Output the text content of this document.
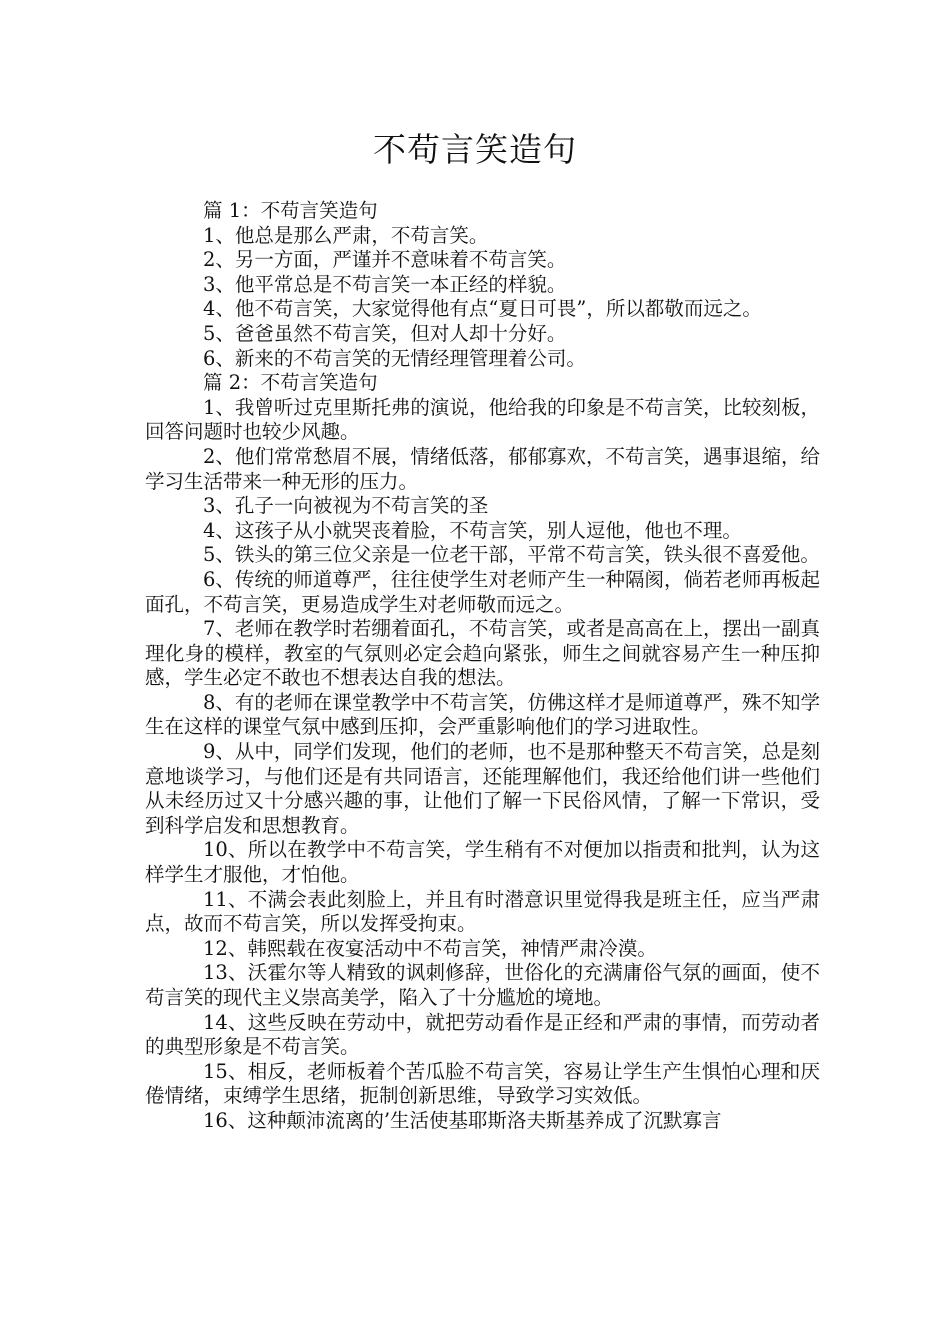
不苟言笑造句

篇 1：不苟言笑造句

1、他总是那么严肃，不苟言笑。

2、另一方面，严谨并不意味着不苟言笑。

3、他平常总是不苟言笑一本正经的样貌。

4、他不苟言笑，大家觉得他有点“夏日可畏”，所以都敬而远之。

5、爸爸虽然不苟言笑，但对人却十分好。

6、新来的不苟言笑的无情经理管理着公司。

篇 2：不苟言笑造句

1、我曾听过克里斯托弗的演说，他给我的印象是不苟言笑，比较刻板，回答问题时也较少风趣。

2、他们常常愁眉不展，情绪低落，郁郁寡欢，不苟言笑，遇事退缩，给学习生活带来一种无形的压力。

3、孔子一向被视为不苟言笑的圣

4、这孩子从小就哭丧着脸，不苟言笑，别人逗他，他也不理。

5、铁头的第三位父亲是一位老干部，平常不苟言笑，铁头很不喜爱他。

6、传统的师道尊严，往往使学生对老师产生一种隔阂，倘若老师再板起面孔，不苟言笑，更易造成学生对老师敬而远之。

7、老师在教学时若绷着面孔，不苟言笑，或者是高高在上，摆出一副真理化身的模样，教室的气氛则必定会趋向紧张，师生之间就容易产生一种压抑感，学生必定不敢也不想表达自我的想法。

8、有的老师在课堂教学中不苟言笑，仿佛这样才是师道尊严，殊不知学生在这样的课堂气氛中感到压抑，会严重影响他们的学习进取性。

9、从中，同学们发现，他们的老师，也不是那种整天不苟言笑，总是刻意地谈学习，与他们还是有共同语言，还能理解他们，我还给他们讲一些他们从未经历过又十分感兴趣的事，让他们了解一下民俗风情，了解一下常识，受到科学启发和思想教育。

10、所以在教学中不苟言笑，学生稍有不对便加以指责和批判，认为这样学生才服他，才怕他。

11、不满会表此刻脸上，并且有时潜意识里觉得我是班主任，应当严肃点，故而不苟言笑，所以发挥受拘束。

12、韩熙载在夜宴活动中不苟言笑，神情严肃冷漠。

13、沃霍尔等人精致的讽刺修辞，世俗化的充满庸俗气氛的画面，使不苟言笑的现代主义崇高美学，陷入了十分尴尬的境地。

14、这些反映在劳动中，就把劳动看作是正经和严肃的事情，而劳动者的典型形象是不苟言笑。

15、相反，老师板着个苦瓜脸不苟言笑，容易让学生产生惧怕心理和厌倦情绪，束缚学生思绪，扼制创新思维，导致学习实效低。

16、这种颠沛流离的’生活使基耶斯洛夫斯基养成了沉默寡言
